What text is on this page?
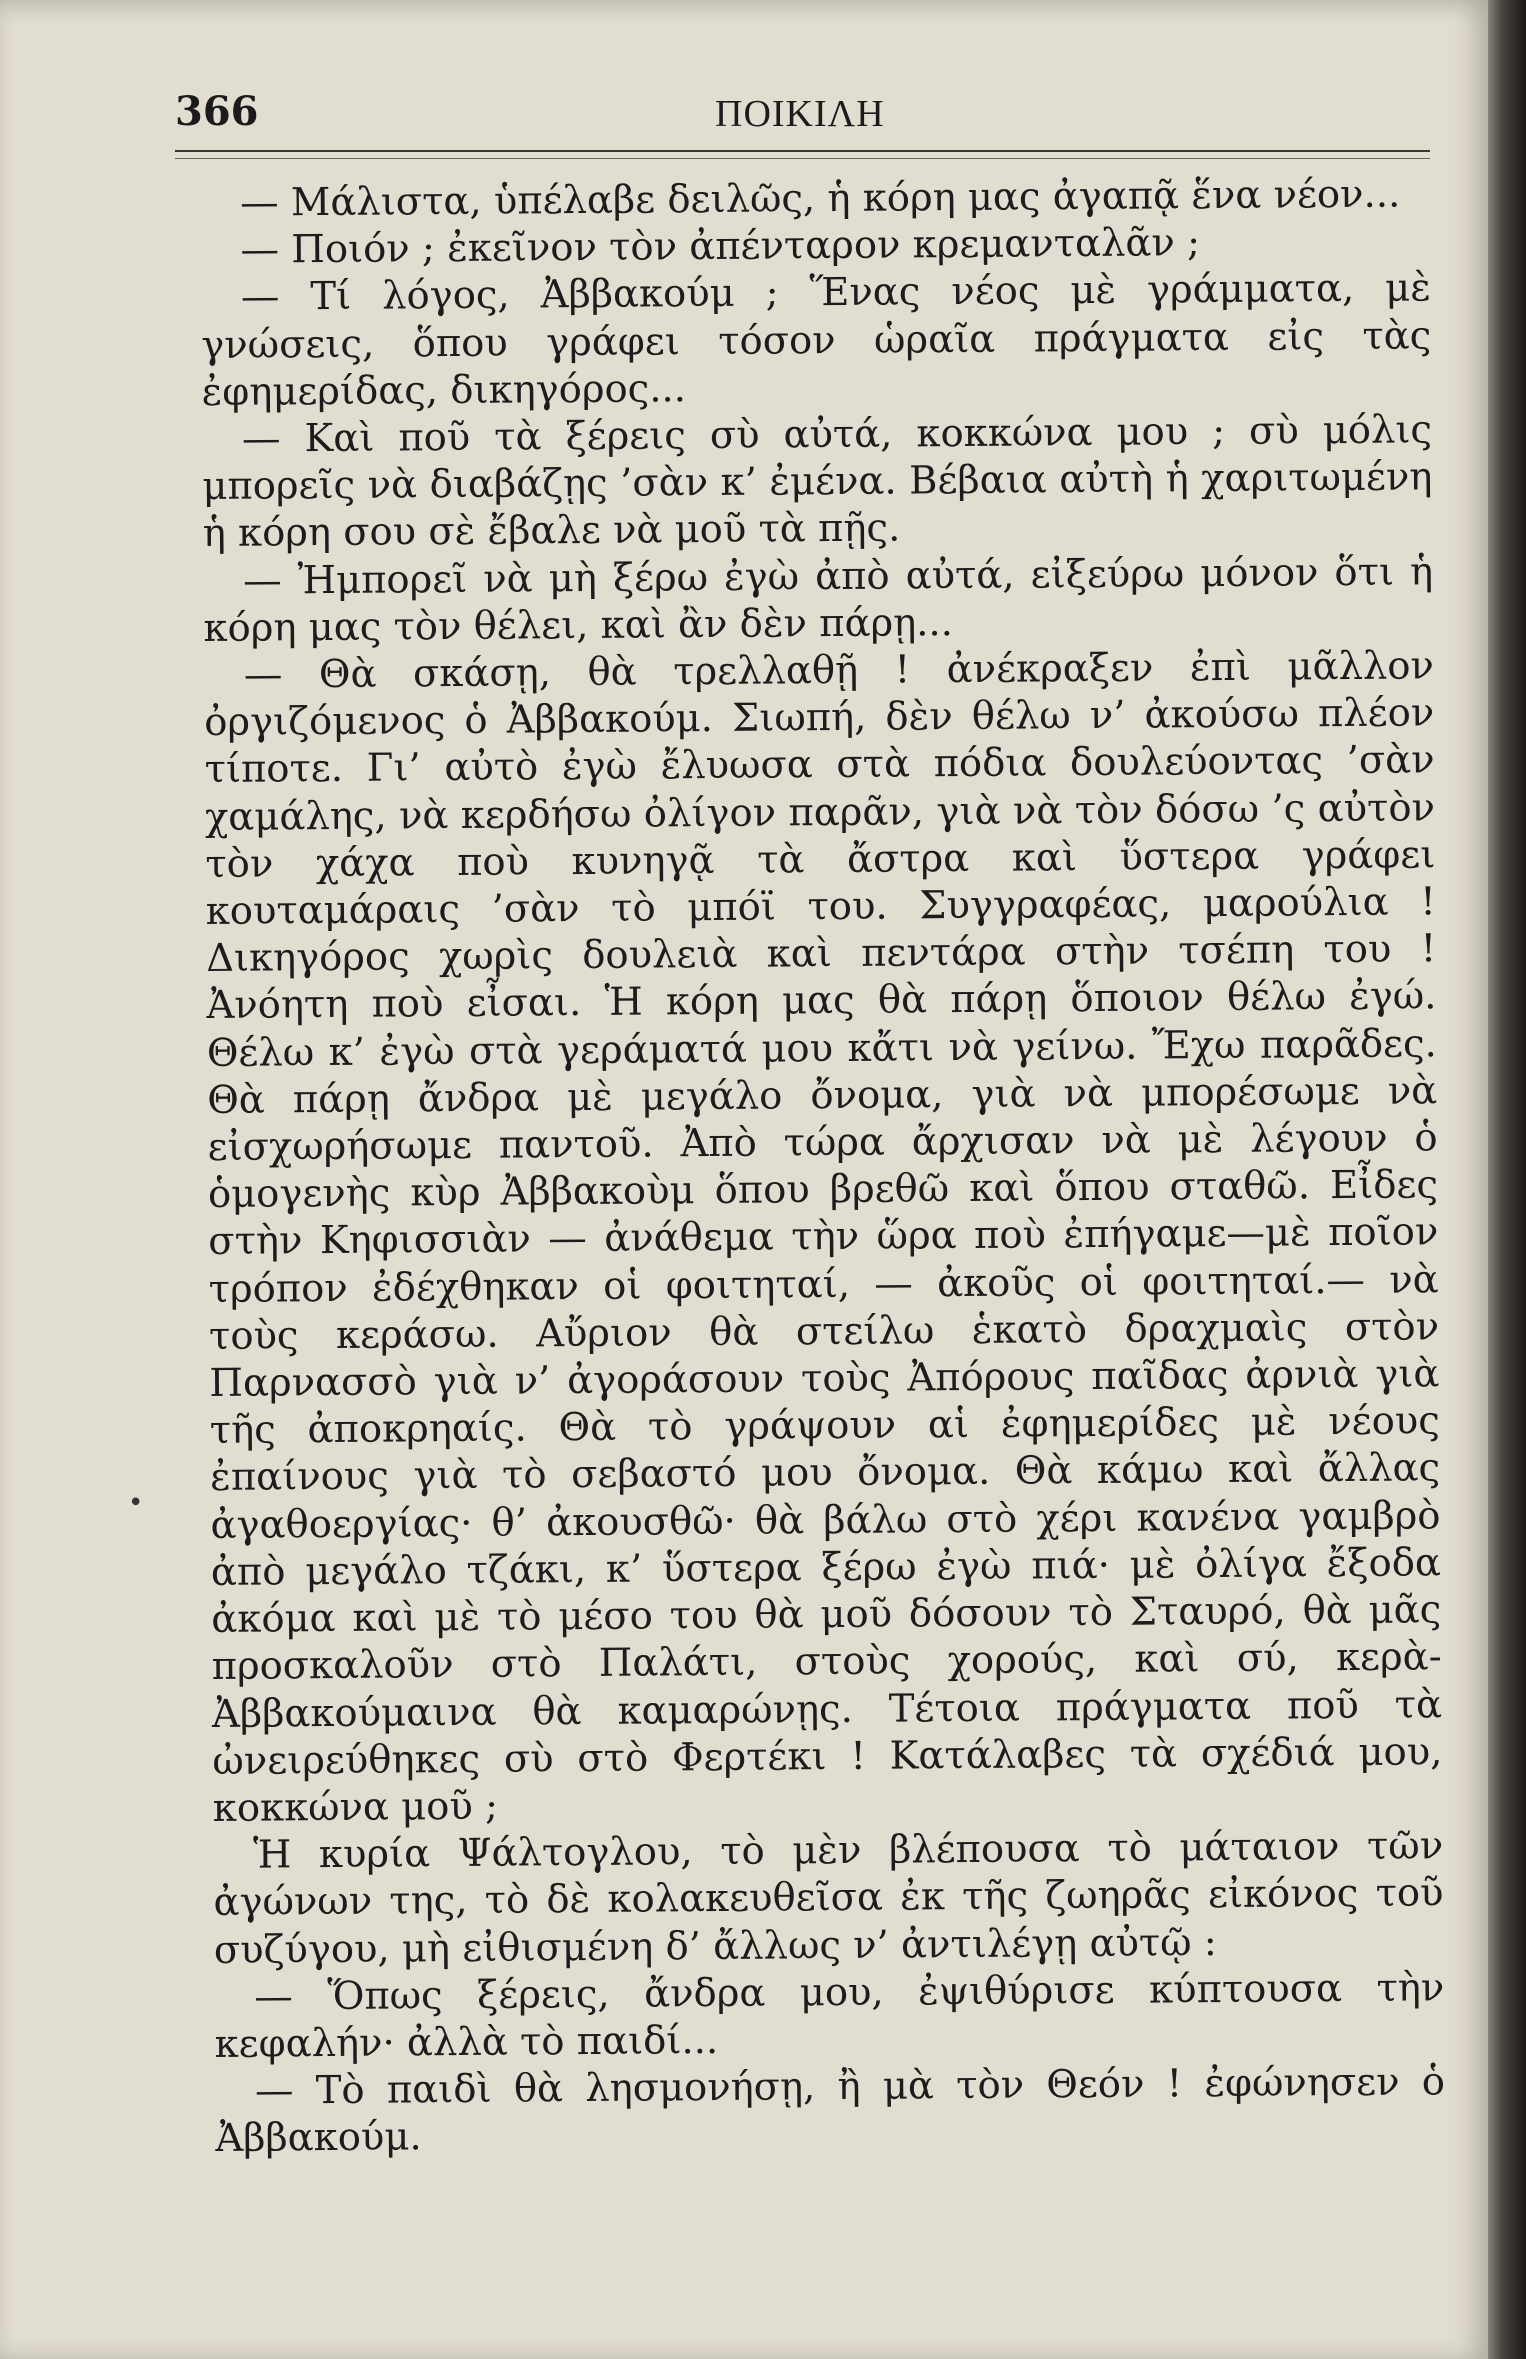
366	ΠΟΙΚΙΛΗ
•

— Μάλιστα, ὑπέλαβε δειλῶς, ἡ κόρη μας ἀγαπᾷ ἕνα νέον...

— Ποιόν ; ἐκεῖνον τὸν ἀπένταρον κρεμανταλᾶν ;

— Τί λόγος, Ἀββακούμ ; Ἕνας νέος μὲ γράμματα, μὲ γνώσεις, ὅπου γράφει τόσον ὡραῖα πράγματα εἰς τὰς ἐφημερίδας, δικηγόρος...

— Καὶ ποῦ τὰ ξέρεις σὺ αὐτά, κοκκώνα μου ; σὺ μόλις μπορεῖς νὰ διαβάζῃς ’σὰν κ’ ἐμένα. Βέβαια αὐτὴ ἡ χαριτωμένη ἡ κόρη σου σὲ ἔβαλε νὰ μοῦ τὰ πῇς.

— Ἠμπορεῖ νὰ μὴ ξέρω ἐγὼ ἀπὸ αὐτά, εἰξεύρω μόνον ὅτι ἡ κόρη μας τὸν θέλει, καὶ ἂν δὲν πάρῃ...

— Θὰ σκάσῃ, θὰ τρελλαθῇ ! ἀνέκραξεν ἐπὶ μᾶλλον ὀργιζόμενος ὁ Ἀββακούμ. Σιωπή, δὲν θέλω ν’ ἀκούσω πλέον τίποτε. Γι’ αὐτὸ ἐγὼ ἔλυωσα στὰ πόδια δουλεύοντας ’σὰν χαμάλης, νὰ κερδήσω ὀλίγον παρᾶν, γιὰ νὰ τὸν δόσω ’ς αὐτὸν τὸν χάχα ποὺ κυνηγᾷ τὰ ἄστρα καὶ ὕστερα γράφει κουταμάραις ’σὰν τὸ μπόϊ του. Συγγραφέας, μαρούλια ! Δικηγόρος χωρὶς δουλειὰ καὶ πεντάρα στὴν τσέπη του ! Ἀνόητη ποὺ εἶσαι. Ἡ κόρη μας θὰ πάρῃ ὅποιον θέλω ἐγώ. Θέλω κ’ ἐγὼ στὰ γεράματά μου κἄτι νὰ γείνω. Ἔχω παρᾶδες. Θὰ πάρῃ ἄνδρα μὲ μεγάλο ὄνομα, γιὰ νὰ μπορέσωμε νὰ εἰσχωρήσωμε παντοῦ. Ἀπὸ τώρα ἄρχισαν νὰ μὲ λέγουν ὁ ὁμογενὴς κὺρ Ἀββακοὺμ ὅπου βρεθῶ καὶ ὅπου σταθῶ. Εἶδες στὴν Κηφισσιὰν — ἀνάθεμα τὴν ὥρα ποὺ ἐπήγαμε—μὲ ποῖον τρόπον ἐδέχθηκαν οἱ φοιτηταί, — ἀκοῦς οἱ φοιτηταί.— νὰ τοὺς κεράσω. Αὔριον θὰ στείλω ἑκατὸ δραχμαὶς στὸν Παρνασσὸ γιὰ ν’ ἀγοράσουν τοὺς Ἀπόρους παῖδας ἀρνιὰ γιὰ τῆς ἀποκρηαίς. Θὰ τὸ γράψουν αἱ ἐφημερίδες μὲ νέους ἐπαίνους γιὰ τὸ σεβαστό μου ὄνομα. Θὰ κάμω καὶ ἄλλας ἀγαθοεργίας· θ’ ἀκουσθῶ· θὰ βάλω στὸ χέρι κανένα γαμβρὸ ἀπὸ μεγάλο τζάκι, κ’ ὕστερα ξέρω ἐγὼ πιά· μὲ ὀλίγα ἔξοδα ἀκόμα καὶ μὲ τὸ μέσο του θὰ μοῦ δόσουν τὸ Σταυρό, θὰ μᾶς προσκαλοῦν στὸ Παλάτι, στοὺς χορούς, καὶ σύ, κερὰ-Ἀββακούμαινα θὰ καμαρώνῃς. Τέτοια πράγματα ποῦ τὰ ὠνειρεύθηκες σὺ στὸ Φερτέκι ! Κατάλαβες τὰ σχέδιά μου, κοκκώνα μοῦ ;

Ἡ κυρία Ψάλτογλου, τὸ μὲν βλέπουσα τὸ μάταιον τῶν ἀγώνων της, τὸ δὲ κολακευθεῖσα ἐκ τῆς ζωηρᾶς εἰκόνος τοῦ συζύγου, μὴ εἰθισμένη δ’ ἄλλως ν’ ἀντιλέγῃ αὐτῷ :

— Ὅπως ξέρεις, ἄνδρα μου, ἐψιθύρισε κύπτουσα τὴν κεφαλήν· ἀλλὰ τὸ παιδί...

— Τὸ παιδὶ θὰ λησμονήσῃ, ἢ μὰ τὸν Θεόν ! ἐφώνησεν ὁ Ἀββακούμ.
